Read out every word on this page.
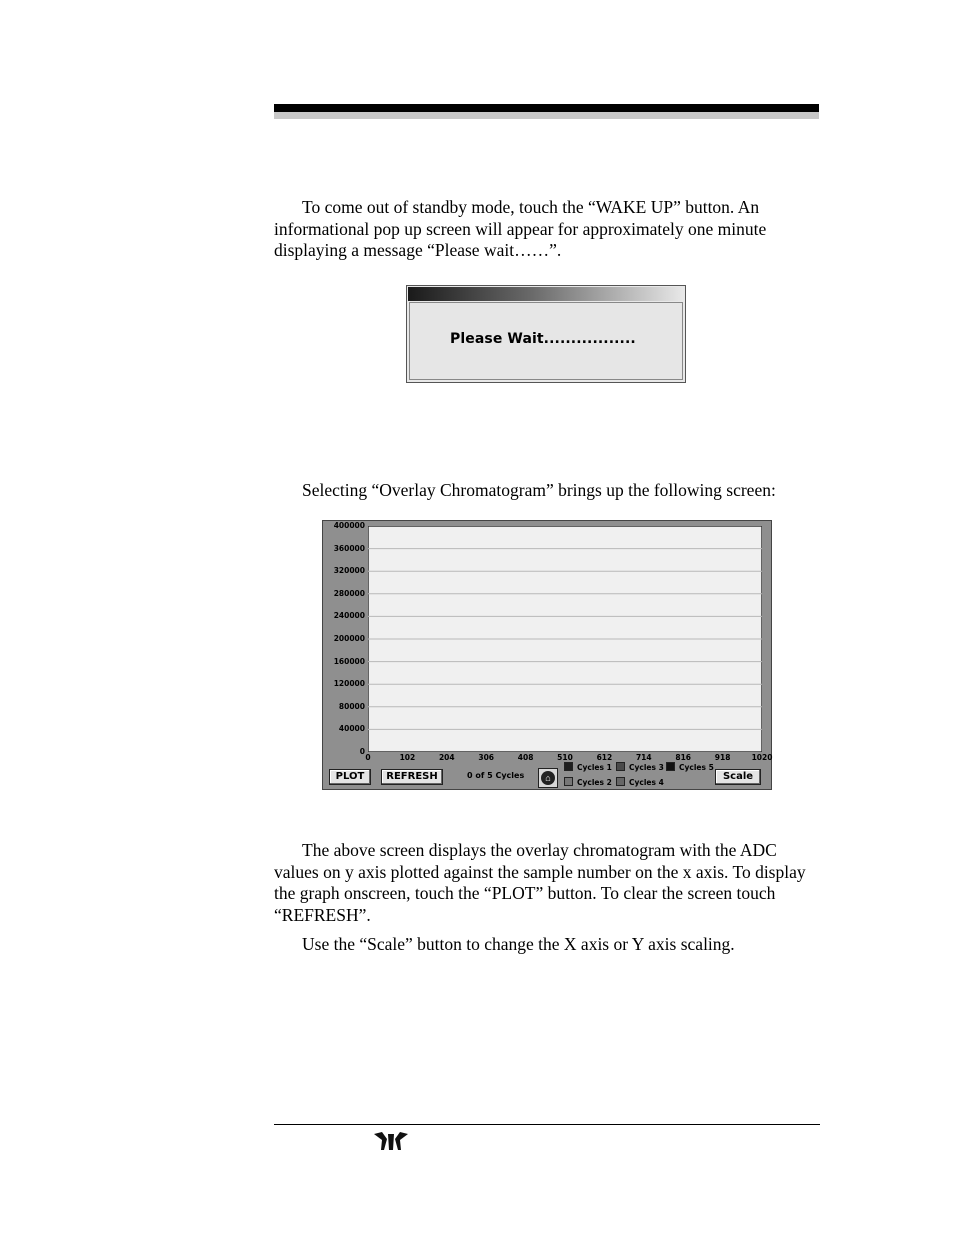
To come out of standby mode, touch the “WAKE UP” button. An informational pop up screen will appear for approximately one minute displaying a message “Please wait……”.

Please Wait.................

Selecting “Overlay Chromatogram” brings up the following screen:

400000
360000
320000
280000
240000
200000
160000
120000
80000
40000
0
0	102	204	306	408	510	612	714	816	918	1020
PLOT	REFRESH	0 of 5 Cycles	⌂
Cycles 1
Cycles 2
Cycles 3
Cycles 4
Cycles 5
Scale

The above screen displays the overlay chromatogram with the ADC values on y axis plotted against the sample number on the x axis. To display the graph onscreen, touch the “PLOT” button. To clear the screen touch “REFRESH”.

Use the “Scale” button to change the X axis or Y axis scaling.
